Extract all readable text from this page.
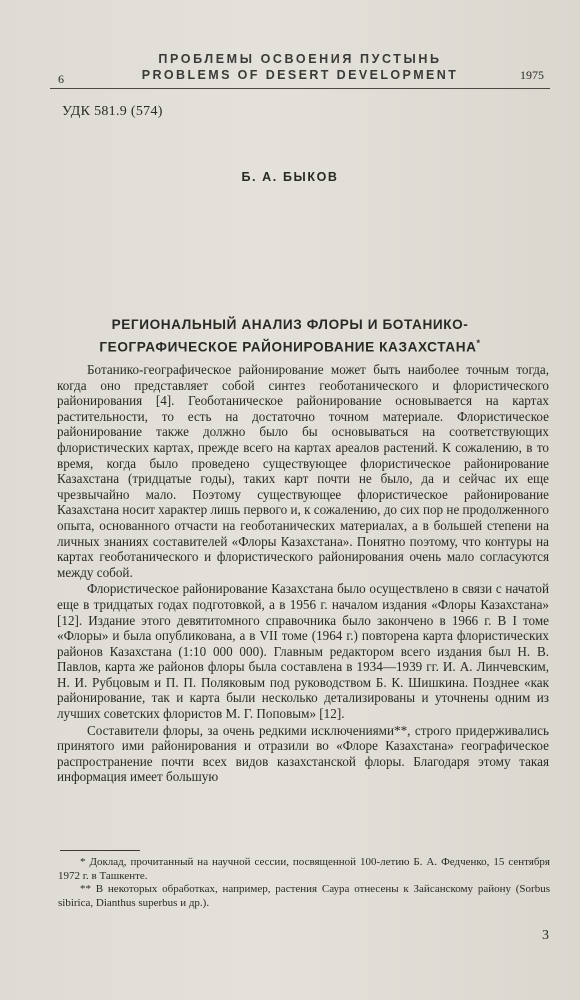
ПРОБЛЕМЫ ОСВОЕНИЯ ПУСТЫНЬ
6	PROBLEMS OF DESERT DEVELOPMENT	1975
УДК 581.9 (574)
Б. А. БЫКОВ
РЕГИОНАЛЬНЫЙ АНАЛИЗ ФЛОРЫ И БОТАНИКО-
ГЕОГРАФИЧЕСКОЕ РАЙОНИРОВАНИЕ КАЗАХСТАНА*

Ботанико-географическое районирование может быть наиболее точным тогда, когда оно представляет собой синтез геоботанического и флористического районирования [4]. Геоботаническое районирование основывается на картах растительности, то есть на достаточно точном материале. Флористическое районирование также должно было бы основываться на соответствующих флористических картах, прежде всего на картах ареалов растений. К сожалению, в то время, когда было проведено существующее флористическое районирование Казахстана (тридцатые годы), таких карт почти не было, да и сейчас их еще чрезвычайно мало. Поэтому существующее флористическое районирование Казахстана носит характер лишь первого и, к сожалению, до сих пор не продолженного опыта, основанного отчасти на геоботанических материалах, а в большей степени на личных знаниях составителей «Флоры Казахстана». Понятно поэтому, что контуры на картах геоботанического и флористического районирования очень мало согласуются между собой.

Флористическое районирование Казахстана было осуществлено в связи с начатой еще в тридцатых годах подготовкой, а в 1956 г. началом издания «Флоры Казахстана» [12]. Издание этого девятитомного справочника было закончено в 1966 г. В I томе «Флоры» и была опубликована, а в VII томе (1964 г.) повторена карта флористических районов Казахстана (1:10 000 000). Главным редактором всего издания был Н. В. Павлов, карта же районов флоры была составлена в 1934—1939 гг. И. А. Линчевским, Н. И. Рубцовым и П. П. Поляковым под руководством Б. К. Шишкина. Позднее «как районирование, так и карта были несколько детализированы и уточнены одним из лучших советских флористов М. Г. Поповым» [12].

Составители флоры, за очень редкими исключениями**, строго придерживались принятого ими районирования и отразили во «Флоре Казахстана» географическое распространение почти всех видов казахстанской флоры. Благодаря этому такая информация имеет большую

* Доклад, прочитанный на научной сессии, посвященной 100-летию Б. А. Федченко, 15 сентября 1972 г. в Ташкенте.

** В некоторых обработках, например, растения Саура отнесены к Зайсанскому району (Sorbus sibirica, Dianthus superbus и др.).

3
